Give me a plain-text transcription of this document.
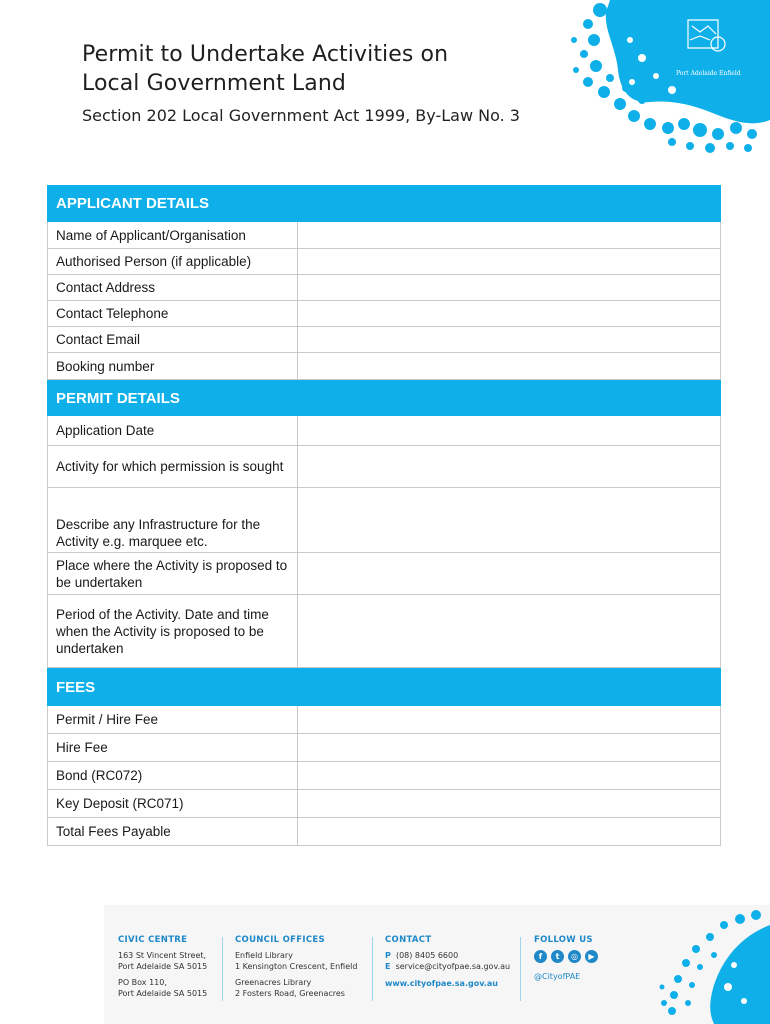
Permit to Undertake Activities on
Local Government Land
Section 202 Local Government Act 1999, By-Law No. 3
Port Adelaide Enfield
APPLICANT DETAILS
Name of Applicant/Organisation
Authorised Person (if applicable)
Contact Address
Contact Telephone
Contact Email
Booking number
PERMIT DETAILS
Application Date
Activity for which permission is sought
Describe any Infrastructure for the Activity e.g. marquee etc.
Place where the Activity is proposed to be undertaken
Period of the Activity. Date and time when the Activity is proposed to be undertaken
FEES
Permit / Hire Fee
Hire Fee
Bond (RC072)
Key Deposit (RC071)
Total Fees Payable
CIVIC CENTRE
163 St Vincent Street,
Port Adelaide SA 5015
PO Box 110,
Port Adelaide SA 5015
COUNCIL OFFICES
Enfield Library
1 Kensington Crescent, Enfield
Greenacres Library
2 Fosters Road, Greenacres
CONTACT
P (08) 8405 6600
E service@cityofpae.sa.gov.au
www.cityofpae.sa.gov.au
FOLLOW US
f	t	◎	▶
@CityofPAE
